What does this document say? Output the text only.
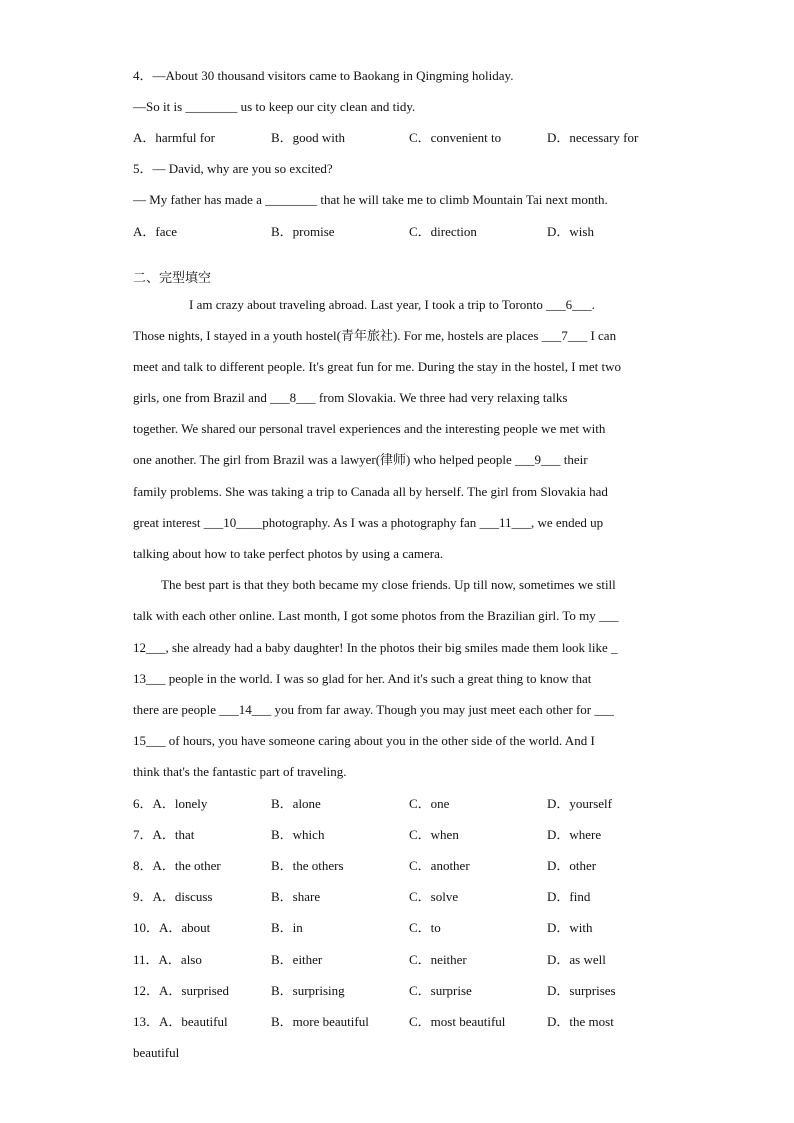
4．—About 30 thousand visitors came to Baokang in Qingming holiday.
—So it is ________ us to keep our city clean and tidy.
A．harmful for	B．good with	C．convenient to	D．necessary for
5．— David, why are you so excited?
— My father has made a ________ that he will take me to climb Mountain Tai next month.
A．face	B．promise	C．direction	D．wish
二、完型填空
I am crazy about traveling abroad. Last year, I took a trip to Toronto ___6___.
Those nights, I stayed in a youth hostel(青年旅社). For me, hostels are places ___7___ I can
meet and talk to different people. It's great fun for me. During the stay in the hostel, I met two
girls, one from Brazil and ___8___ from Slovakia. We three had very relaxing talks
together. We shared our personal travel experiences and the interesting people we met with
one another. The girl from Brazil was a lawyer(律师) who helped people ___9___ their
family problems. She was taking a trip to Canada all by herself. The girl from Slovakia had
great interest ___10____photography. As I was a photography fan ___11___, we ended up
talking about how to take perfect photos by using a camera.
The best part is that they both became my close friends. Up till now, sometimes we still
talk with each other online. Last month, I got some photos from the Brazilian girl. To my ___
12___, she already had a baby daughter! In the photos their big smiles made them look like _
13___ people in the world. I was so glad for her. And it's such a great thing to know that
there are people ___14___ you from far away. Though you may just meet each other for ___
15___ of hours, you have someone caring about you in the other side of the world. And I
think that's the fantastic part of traveling.
6．A．lonely	B．alone	C．one	D．yourself
7．A．that	B．which	C．when	D．where
8．A．the other	B．the others	C．another	D．other
9．A．discuss	B．share	C．solve	D．find
10．A．about	B．in	C．to	D．with
11．A．also	B．either	C．neither	D．as well
12．A．surprised	B．surprising	C．surprise	D．surprises
13．A．beautiful	B．more beautiful	C．most beautiful	D．the most
beautiful
